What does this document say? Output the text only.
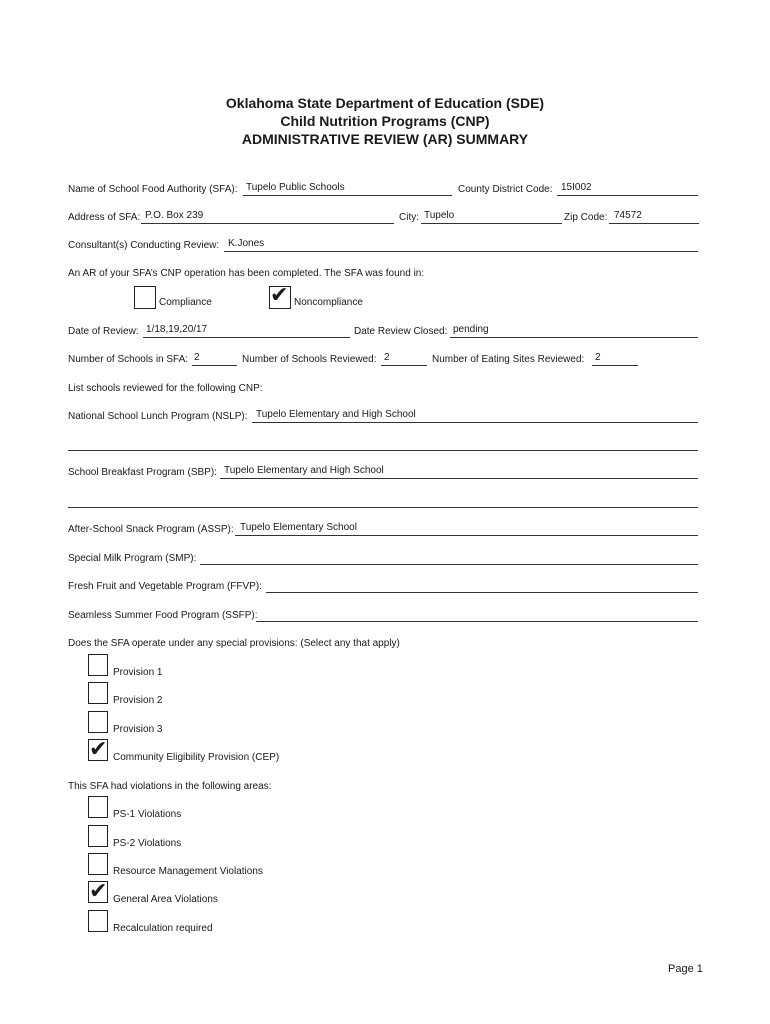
Oklahoma State Department of Education (SDE)
Child Nutrition Programs (CNP)
ADMINISTRATIVE REVIEW (AR) SUMMARY
Name of School Food Authority (SFA): Tupelo Public Schools	County District Code: 15I002
Address of SFA: P.O. Box 239	City: Tupelo	Zip Code: 74572
Consultant(s) Conducting Review: K.Jones
An AR of your SFA’s CNP operation has been completed. The SFA was found in:
Compliance	✔ Noncompliance
Date of Review: 1/18,19,20/17	Date Review Closed: pending
Number of Schools in SFA: 2	Number of Schools Reviewed: 2	Number of Eating Sites Reviewed: 2
List schools reviewed for the following CNP:
National School Lunch Program (NSLP): Tupelo Elementary and High School
School Breakfast Program (SBP): Tupelo Elementary and High School
After-School Snack Program (ASSP): Tupelo Elementary School
Special Milk Program (SMP):
Fresh Fruit and Vegetable Program (FFVP):
Seamless Summer Food Program (SSFP):
Does the SFA operate under any special provisions: (Select any that apply)
Provision 1
Provision 2
Provision 3
✔ Community Eligibility Provision (CEP)
This SFA had violations in the following areas:
PS-1 Violations
PS-2 Violations
Resource Management Violations
✔ General Area Violations
Recalculation required
Page 1
